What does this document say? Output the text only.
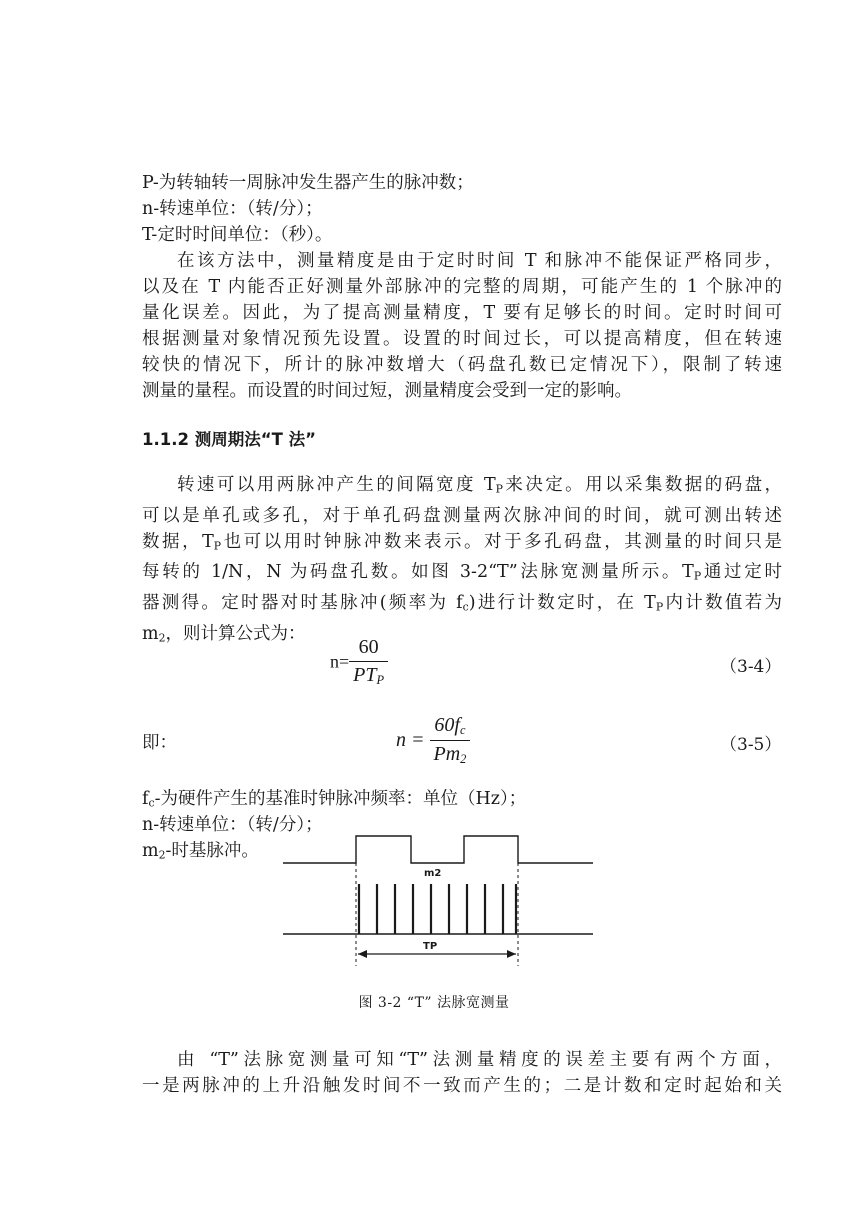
P-为转轴转一周脉冲发生器产生的脉冲数；
n-转速单位：（转/分）；
T-定时时间单位：（秒）。

在该方法中，测量精度是由于定时时间 T 和脉冲不能保证严格同步，

以及在 T 内能否正好测量外部脉冲的完整的周期，可能产生的 1 个脉冲的

量化误差。因此，为了提高测量精度，T 要有足够长的时间。定时时间可

根据测量对象情况预先设置。设置的时间过长，可以提高精度，但在转速

较快的情况下，所计的脉冲数增大（码盘孔数已定情况下），限制了转速

测量的量程。而设置的时间过短，测量精度会受到一定的影响。

1.1.2 测周期法“T 法”

转速可以用两脉冲产生的间隔宽度 $T_P$来决定。用以采集数据的码盘，

可以是单孔或多孔，对于单孔码盘测量两次脉冲间的时间，就可测出转述

数据，$T_P$也可以用时钟脉冲数来表示。对于多孔码盘，其测量的时间只是

每转的 1/N，N 为码盘孔数。如图 3-2“T”法脉宽测量所示。$T_P$通过定时

器测得。定时器对时基脉冲(频率为 $f_c$)进行计数定时，在 $T_P$内计数值若为

$m_2$，则计算公式为：

$n= \frac{60}{PT_P}$	（3-4）
即：	$n = \frac{60f_c}{Pm_2}$	（3-5）
$f_c-$为硬件产生的基准时钟脉冲频率：单位（Hz）；
n-转速单位：（转/分）；
$m_2-$时基脉冲。
m2
TP
图 3-2 “T” 法脉宽测量

由 “T”法脉宽测量可知“T”法测量精度的误差主要有两个方面，

一是两脉冲的上升沿触发时间不一致而产生的；二是计数和定时起始和关
